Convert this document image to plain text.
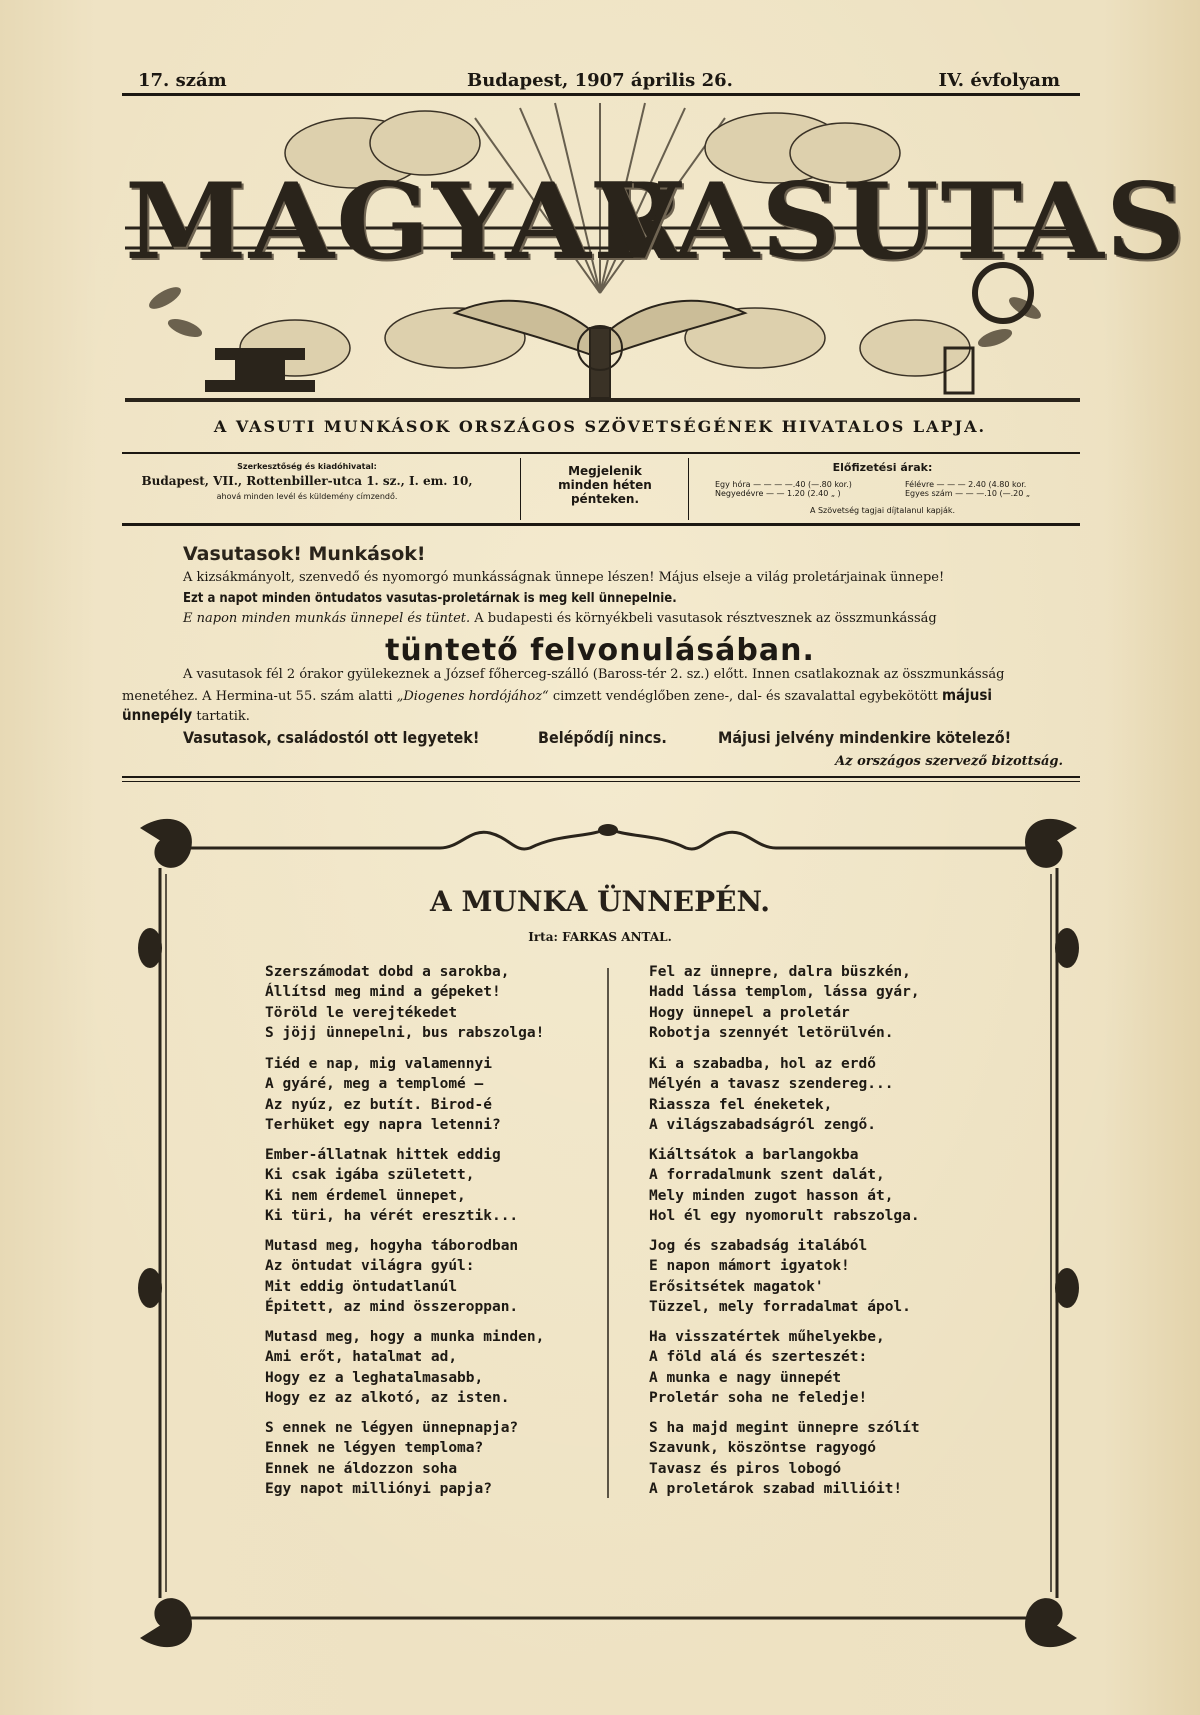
17. szám	Budapest, 1907 április 26.	IV. évfolyam
MAGYAR
VASUTAS
A VASUTI MUNKÁSOK ORSZÁGOS SZÖVETSÉGÉNEK HIVATALOS LAPJA.
Szerkesztőség és kiadóhivatal:
Budapest, VII., Rottenbiller-utca 1. sz., I. em. 10,
ahová minden levél és küldemény címzendő.
Megjelenik
minden héten
pénteken.
Előfizetési árak:
Egy hóra — — — —.40 (—.80 kor.)
Negyedévre — — 1.20 (2.40 „ )
Félévre — — — 2.40 (4.80 kor.
Egyes szám — — —.10 (—.20 „
A Szövetség tagjai díjtalanul kapják.
Vasutasok! Munkások!
A kizsákmányolt, szenvedő és nyomorgó munkásságnak ünnepe lészen! Május elseje a világ proletárjainak ünnepe!
Ezt a napot minden öntudatos vasutas-proletárnak is meg kell ünnepelnie.
E napon minden munkás ünnepel és tüntet. A budapesti és környékbeli vasutasok résztvesznek az összmunkásság
tüntető felvonulásában.
A vasutasok fél 2 órakor gyülekeznek a József főherceg-szálló (Baross-tér 2. sz.) előtt. Innen csatlakoznak az összmunkásság
menetéhez. A Hermina-ut 55. szám alatti „Diogenes hordójához“ cimzett vendéglőben zene-, dal- és szavalattal egybekötött májusi
ünnepély tartatik.
Vasutasok, családostól ott legyetek!	Belépődíj nincs.	Májusi jelvény mindenkire kötelező!
Az országos szervező bizottság.
A MUNKA ÜNNEPÉN.
Irta: FARKAS ANTAL.
Szerszámodat dobd a sarokba,
Állítsd meg mind a gépeket!
Töröld le verejtékedet
S jöjj ünnepelni, bus rabszolga!
Tiéd e nap, mig valamennyi
A gyáré, meg a templomé —
Az nyúz, ez butít. Birod-é
Terhüket egy napra letenni?
Ember-állatnak hittek eddig
Ki csak igába született,
Ki nem érdemel ünnepet,
Ki türi, ha vérét eresztik...
Mutasd meg, hogyha táborodban
Az öntudat világra gyúl:
Mit eddig öntudatlanúl
Épitett, az mind összeroppan.
Mutasd meg, hogy a munka minden,
Ami erőt, hatalmat ad,
Hogy ez a leghatalmasabb,
Hogy ez az alkotó, az isten.
S ennek ne légyen ünnepnapja?
Ennek ne légyen temploma?
Ennek ne áldozzon soha
Egy napot milliónyi papja?
Fel az ünnepre, dalra büszkén,
Hadd lássa templom, lássa gyár,
Hogy ünnepel a proletár
Robotja szennyét letörülvén.
Ki a szabadba, hol az erdő
Mélyén a tavasz szendereg...
Riassza fel éneketek,
A világszabadságról zengő.
Kiáltsátok a barlangokba
A forradalmunk szent dalát,
Mely minden zugot hasson át,
Hol él egy nyomorult rabszolga.
Jog és szabadság italából
E napon mámort igyatok!
Erősitsétek magatok'
Tüzzel, mely forradalmat ápol.
Ha visszatértek műhelyekbe,
A föld alá és szerteszét:
A munka e nagy ünnepét
Proletár soha ne feledje!
S ha majd megint ünnepre szólít
Szavunk, köszöntse ragyogó
Tavasz és piros lobogó
A proletárok szabad millióit!
